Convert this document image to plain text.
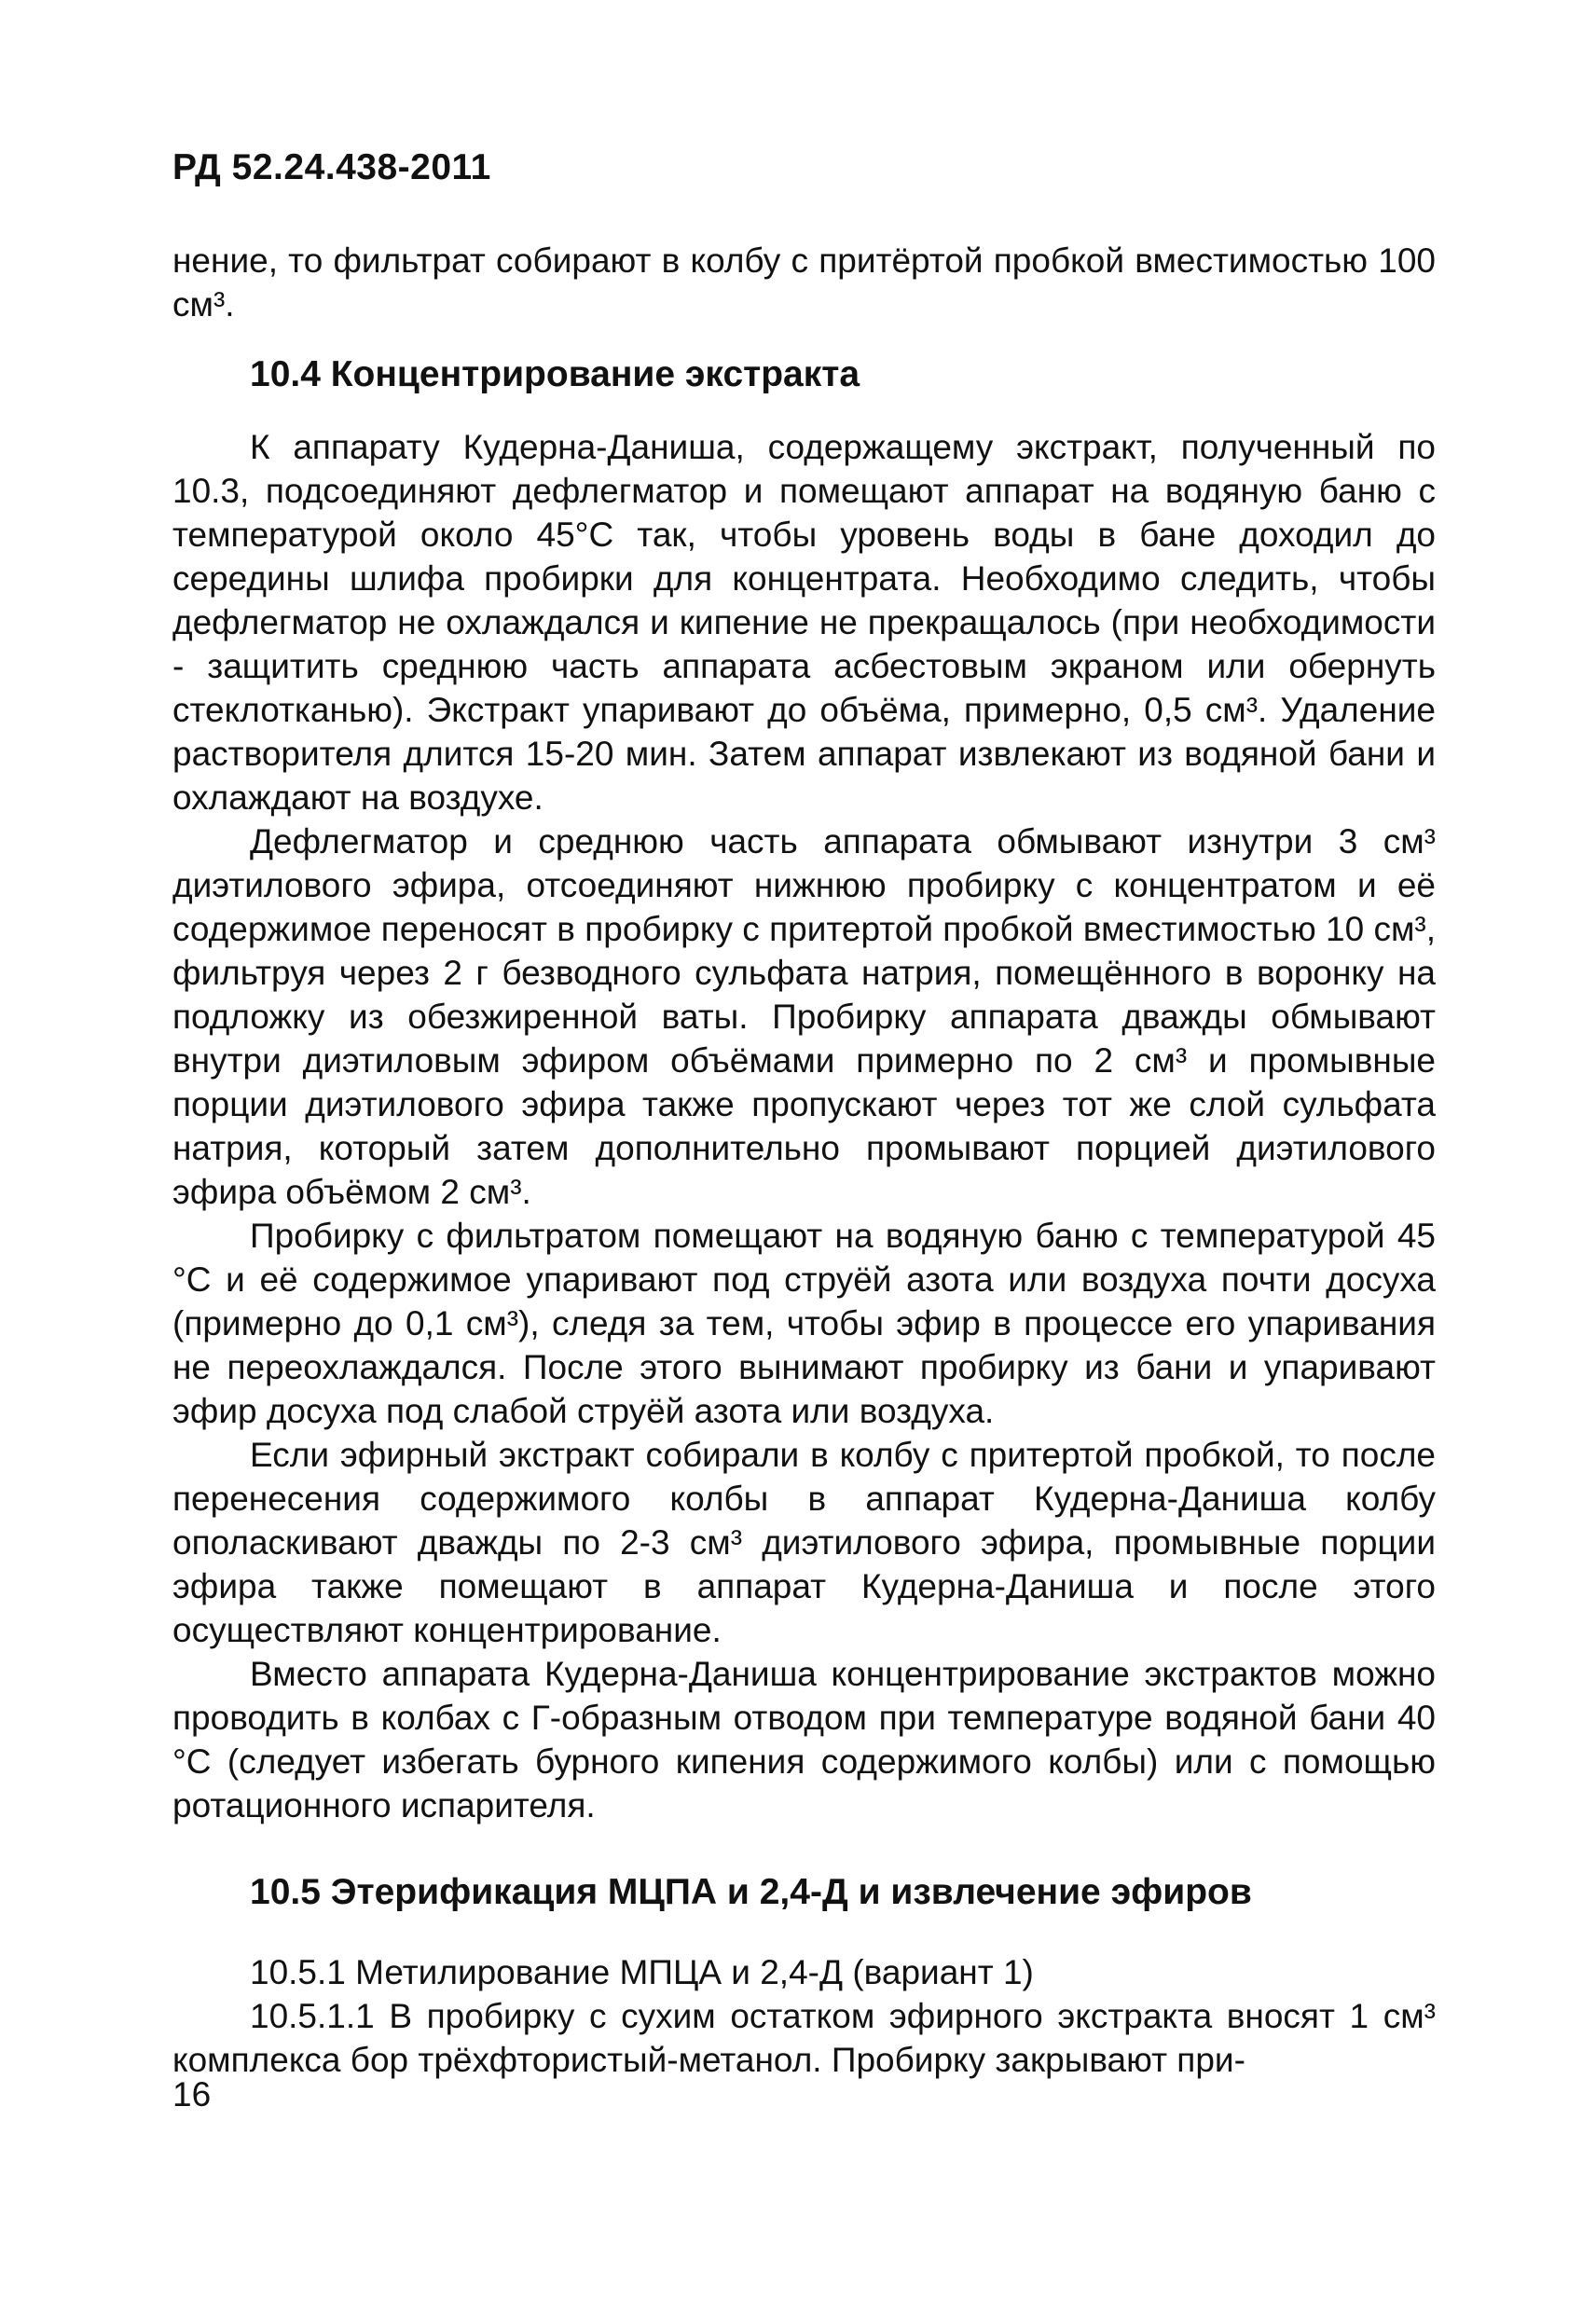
РД 52.24.438-2011

нение, то фильтрат собирают в колбу с притёртой пробкой вместимостью 100 см³.

10.4 Концентрирование экстракта

К аппарату Кудерна-Даниша, содержащему экстракт, полученный по 10.3, подсоединяют дефлегматор и помещают аппарат на водяную баню с температурой около 45°С так, чтобы уровень воды в бане доходил до середины шлифа пробирки для концентрата. Необходимо следить, чтобы дефлегматор не охлаждался и кипение не прекращалось (при необходимости - защитить среднюю часть аппарата асбестовым экраном или обернуть стеклотканью). Экстракт упаривают до объёма, примерно, 0,5 см³. Удаление растворителя длится 15-20 мин. Затем аппарат извлекают из водяной бани и охлаждают на воздухе.

Дефлегматор и среднюю часть аппарата обмывают изнутри 3 см³ диэтилового эфира, отсоединяют нижнюю пробирку с концентратом и её содержимое переносят в пробирку с притертой пробкой вместимостью 10 см³, фильтруя через 2 г безводного сульфата натрия, помещённого в воронку на подложку из обезжиренной ваты. Пробирку аппарата дважды обмывают внутри диэтиловым эфиром объёмами примерно по 2 см³ и промывные порции диэтилового эфира также пропускают через тот же слой сульфата натрия, который затем дополнительно промывают порцией диэтилового эфира объёмом 2 см³.

Пробирку с фильтратом помещают на водяную баню с температурой 45 °С и её содержимое упаривают под струёй азота или воздуха почти досуха (примерно до 0,1 см³), следя за тем, чтобы эфир в процессе его упаривания не переохлаждался. После этого вынимают пробирку из бани и упаривают эфир досуха под слабой струёй азота или воздуха.

Если эфирный экстракт собирали в колбу с притертой пробкой, то после перенесения содержимого колбы в аппарат Кудерна-Даниша колбу ополаскивают дважды по 2-3 см³ диэтилового эфира, промывные порции эфира также помещают в аппарат Кудерна-Даниша и после этого осуществляют концентрирование.

Вместо аппарата Кудерна-Даниша концентрирование экстрактов можно проводить в колбах с Г-образным отводом при температуре водяной бани 40 °С (следует избегать бурного кипения содержимого колбы) или с помощью ротационного испарителя.

10.5 Этерификация МЦПА и 2,4-Д и извлечение эфиров

10.5.1 Метилирование МПЦА и 2,4-Д (вариант 1)

10.5.1.1 В пробирку с сухим остатком эфирного экстракта вносят 1 см³ комплекса бор трёхфтористый-метанол. Пробирку закрывают при-

16
